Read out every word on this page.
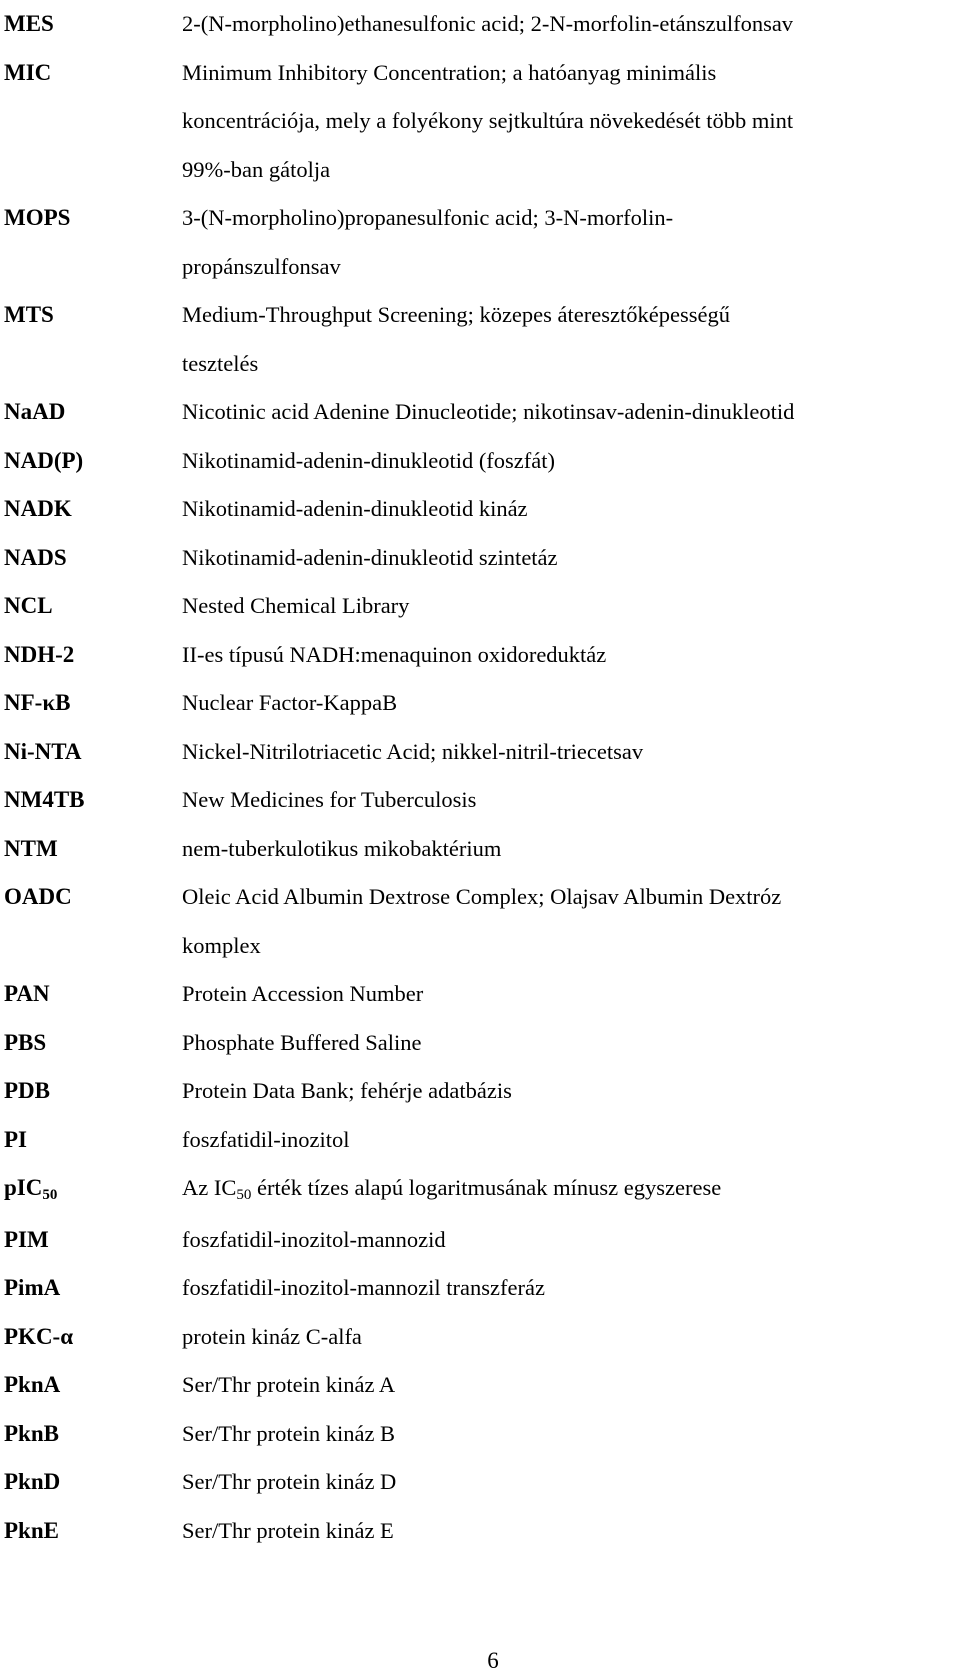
MES	2-(N-morpholino)ethanesulfonic acid; 2-N-morfolin-etánszulfonsav
MIC	Minimum Inhibitory Concentration; a hatóanyag minimális
koncentrációja, mely a folyékony sejtkultúra növekedését több mint
99%-ban gátolja
MOPS	3-(N-morpholino)propanesulfonic acid; 3-N-morfolin-
propánszulfonsav
MTS	Medium-Throughput Screening; közepes áteresztőképességű
tesztelés
NaAD	Nicotinic acid Adenine Dinucleotide; nikotinsav-adenin-dinukleotid
NAD(P)	Nikotinamid-adenin-dinukleotid (foszfát)
NADK	Nikotinamid-adenin-dinukleotid kináz
NADS	Nikotinamid-adenin-dinukleotid szintetáz
NCL	Nested Chemical Library
NDH-2	II-es típusú NADH:menaquinon oxidoreduktáz
NF-κB	Nuclear Factor-KappaB
Ni-NTA	Nickel-Nitrilotriacetic Acid; nikkel-nitril-triecetsav
NM4TB	New Medicines for Tuberculosis
NTM	nem-tuberkulotikus mikobaktérium
OADC	Oleic Acid Albumin Dextrose Complex; Olajsav Albumin Dextróz
komplex
PAN	Protein Accession Number
PBS	Phosphate Buffered Saline
PDB	Protein Data Bank; fehérje adatbázis
PI	foszfatidil-inozitol
pIC$_{50}$	Az $IC_{50}$ érték tízes alapú logaritmusának mínusz egyszerese
PIM	foszfatidil-inozitol-mannozid
PimA	foszfatidil-inozitol-mannozil transzferáz
PKC-α	protein kináz C-alfa
PknA	Ser/Thr protein kináz A
PknB	Ser/Thr protein kináz B
PknD	Ser/Thr protein kináz D
PknE	Ser/Thr protein kináz E
6
